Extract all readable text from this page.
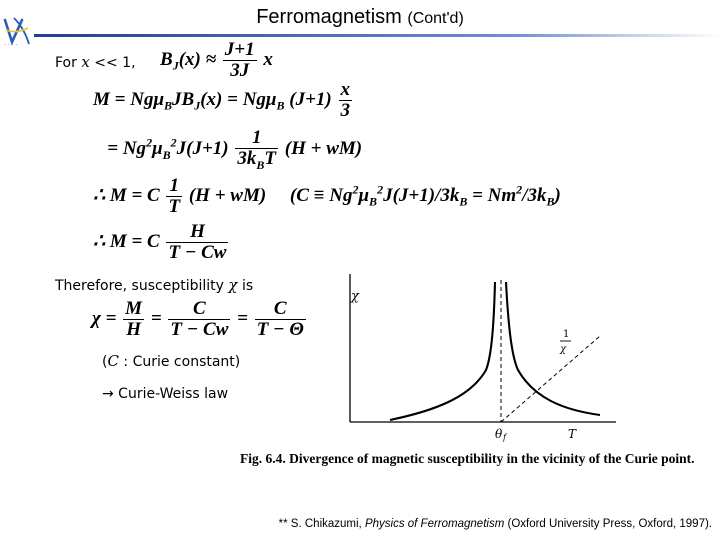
· · · ·
Ferromagnetism (Cont'd)
For x << 1, $B_J(x) \approx \frac{J+1}{3J}$ x
$M = Ng\mu_BJB_J(x) = Ng\mu_B$ $(J+1) \frac{x}{3}$
= $Ng^2\mu_B^2J(J+1) \frac{1}{3k_BT} (H + wM)$
∴ M = C $\frac{1}{T} (H + wM)$     $(C \equiv Ng^2\mu_B^2J(J+1)/3k_B = Nm^2/3k_B)$
∴ M = C $\frac{H}{T - Cw}$
Therefore, susceptibility χ is
$\chi = \frac{M}{H} = \frac{C}{T - Cw} = \frac{C}{T - \Theta}$
(C : Curie constant)
→ Curie-Weiss law
χ
T
θ f
1
χ
Fig. 6.4. Divergence of magnetic susceptibility in the vicinity of the Curie point.
** S. Chikazumi, Physics of Ferromagnetism (Oxford University Press, Oxford, 1997).
